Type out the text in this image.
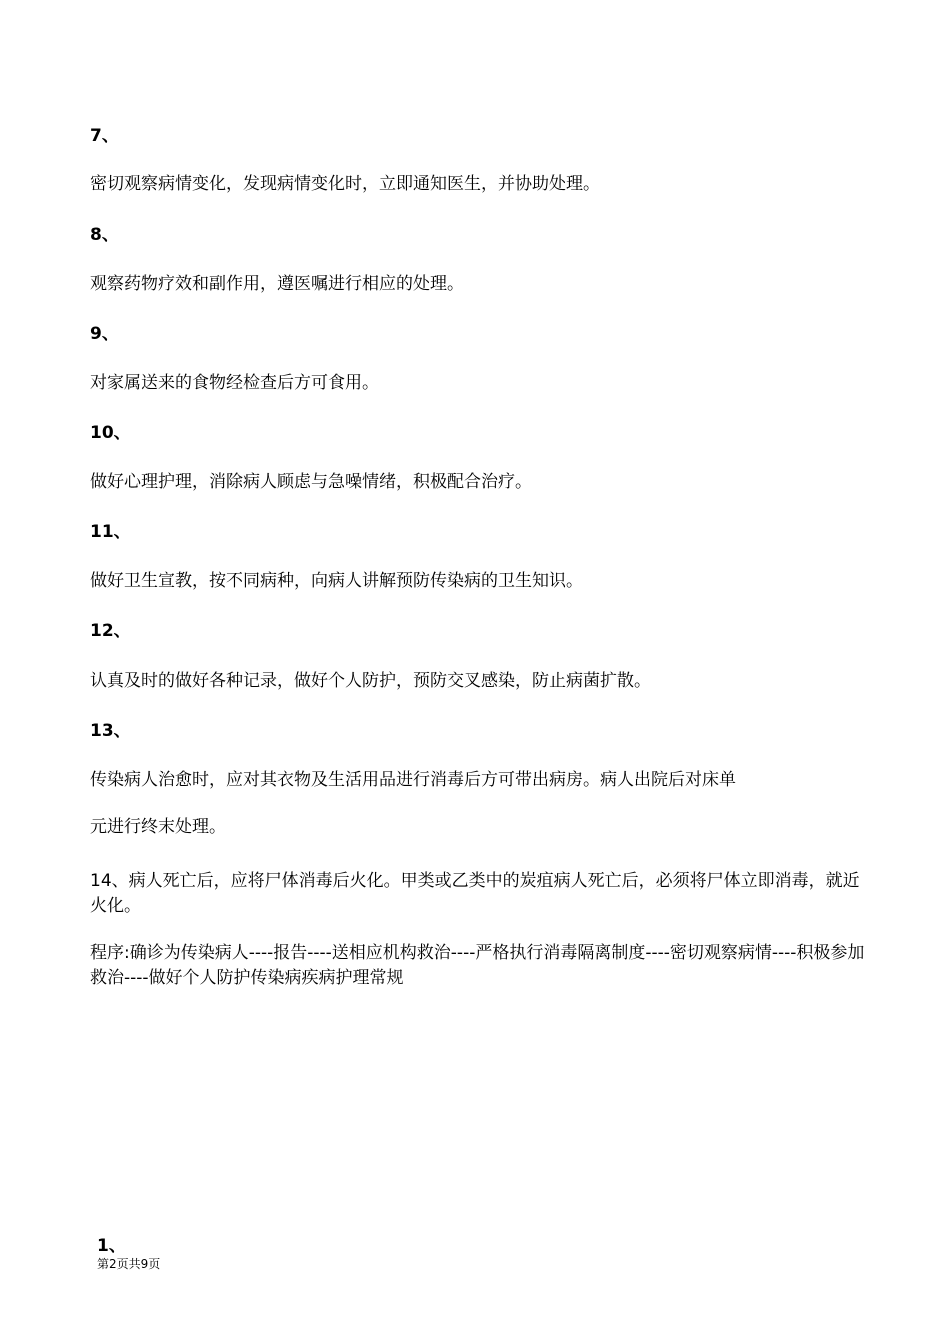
7、
密切观察病情变化，发现病情变化时，立即通知医生，并协助处理。
8、
观察药物疗效和副作用，遵医嘱进行相应的处理。
9、
对家属送来的食物经检查后方可食用。
10、
做好心理护理，消除病人顾虑与急噪情绪，积极配合治疗。
11、
做好卫生宣教，按不同病种，向病人讲解预防传染病的卫生知识。
12、
认真及时的做好各种记录，做好个人防护，预防交叉感染，防止病菌扩散。
13、
传染病人治愈时，应对其衣物及生活用品进行消毒后方可带出病房。病人出院后对床单
元进行终末处理。
14、病人死亡后，应将尸体消毒后火化。甲类或乙类中的炭疽病人死亡后，必须将尸体立即消毒，就近火化。
程序:确诊为传染病人----报告----送相应机构救治----严格执行消毒隔离制度----密切观察病情----积极参加救治----做好个人防护传染病疾病护理常规
1、
第2页共9页
